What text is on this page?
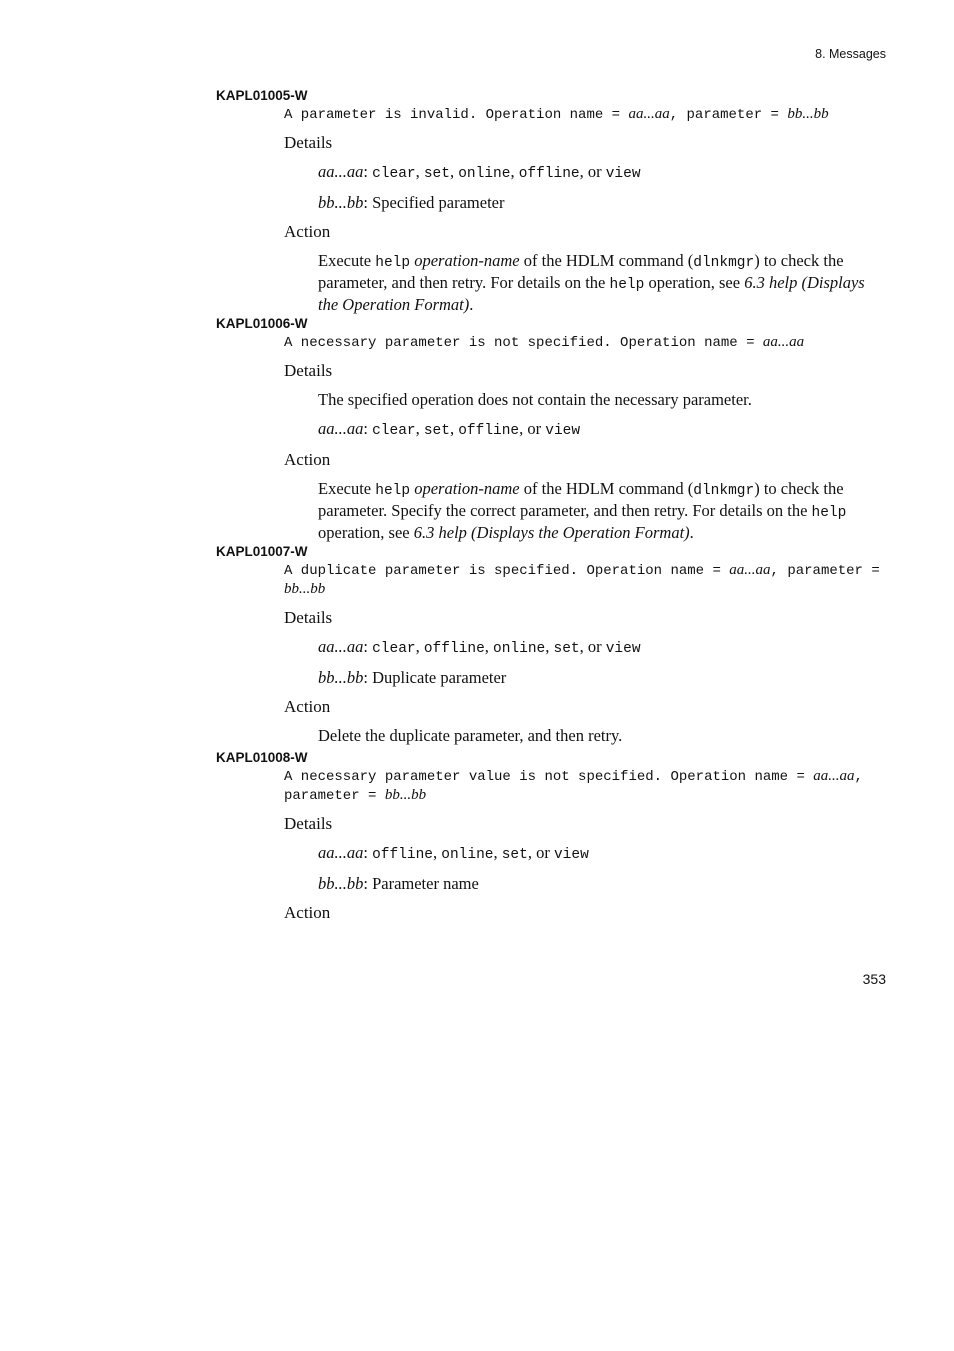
8. Messages

KAPL01005-W

A parameter is invalid. Operation name = aa...aa, parameter = bb...bb

Details

aa...aa: clear, set, online, offline, or view

bb...bb: Specified parameter

Action

Execute help operation-name of the HDLM command (dlnkmgr) to check the parameter, and then retry. For details on the help operation, see 6.3 help (Displays the Operation Format).

KAPL01006-W

A necessary parameter is not specified. Operation name = aa...aa

Details

The specified operation does not contain the necessary parameter.

aa...aa: clear, set, offline, or view

Action

Execute help operation-name of the HDLM command (dlnkmgr) to check the parameter. Specify the correct parameter, and then retry. For details on the help operation, see 6.3 help (Displays the Operation Format).

KAPL01007-W

A duplicate parameter is specified. Operation name = aa...aa, parameter = bb...bb

Details

aa...aa: clear, offline, online, set, or view

bb...bb: Duplicate parameter

Action

Delete the duplicate parameter, and then retry.

KAPL01008-W

A necessary parameter value is not specified. Operation name = aa...aa, parameter = bb...bb

Details

aa...aa: offline, online, set, or view

bb...bb: Parameter name

Action

353
